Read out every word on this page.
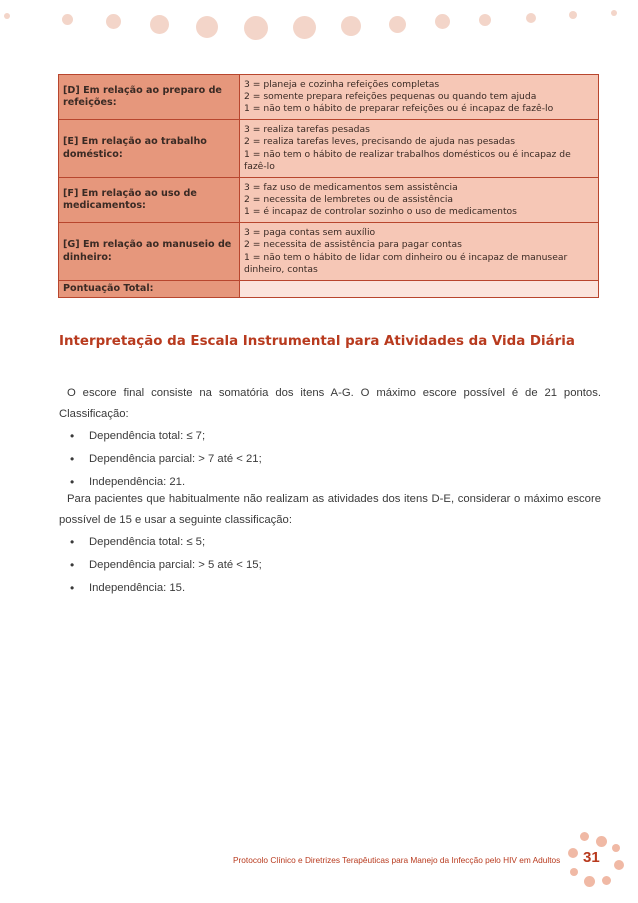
[D] Em relação ao preparo de refeições:	3 = planeja e cozinha refeições completas
2 = somente prepara refeições pequenas ou quando tem ajuda
1 = não tem o hábito de preparar refeições ou é incapaz de fazê-lo

[E] Em relação ao trabalho doméstico:	3 = realiza tarefas pesadas
2 = realiza tarefas leves, precisando de ajuda nas pesadas
1 = não tem o hábito de realizar trabalhos domésticos ou é incapaz de fazê-lo

[F] Em relação ao uso de medicamentos:	3 = faz uso de medicamentos sem assistência
2 = necessita de lembretes ou de assistência
1 = é incapaz de controlar sozinho o uso de medicamentos

[G] Em relação ao manuseio de dinheiro:	3 = paga contas sem auxílio
2 = necessita de assistência para pagar contas
1 = não tem o hábito de lidar com dinheiro ou é incapaz de manusear dinheiro, contas

Pontuação Total:	
Interpretação da Escala Instrumental para Atividades da Vida Diária

O escore final consiste na somatória dos itens A-G. O máximo escore possível é de 21 pontos. Classificação:

• Dependência total: ≤ 7;
• Dependência parcial: > 7 até < 21;
• Independência: 21.

Para pacientes que habitualmente não realizam as atividades dos itens D-E, considerar o máximo escore possível de 15 e usar a seguinte classificação:

• Dependência total: ≤ 5;
• Dependência parcial: > 5 até < 15;
• Independência: 15.
Protocolo Clínico e Diretrizes Terapêuticas para Manejo da Infecção pelo HIV em Adultos 31
